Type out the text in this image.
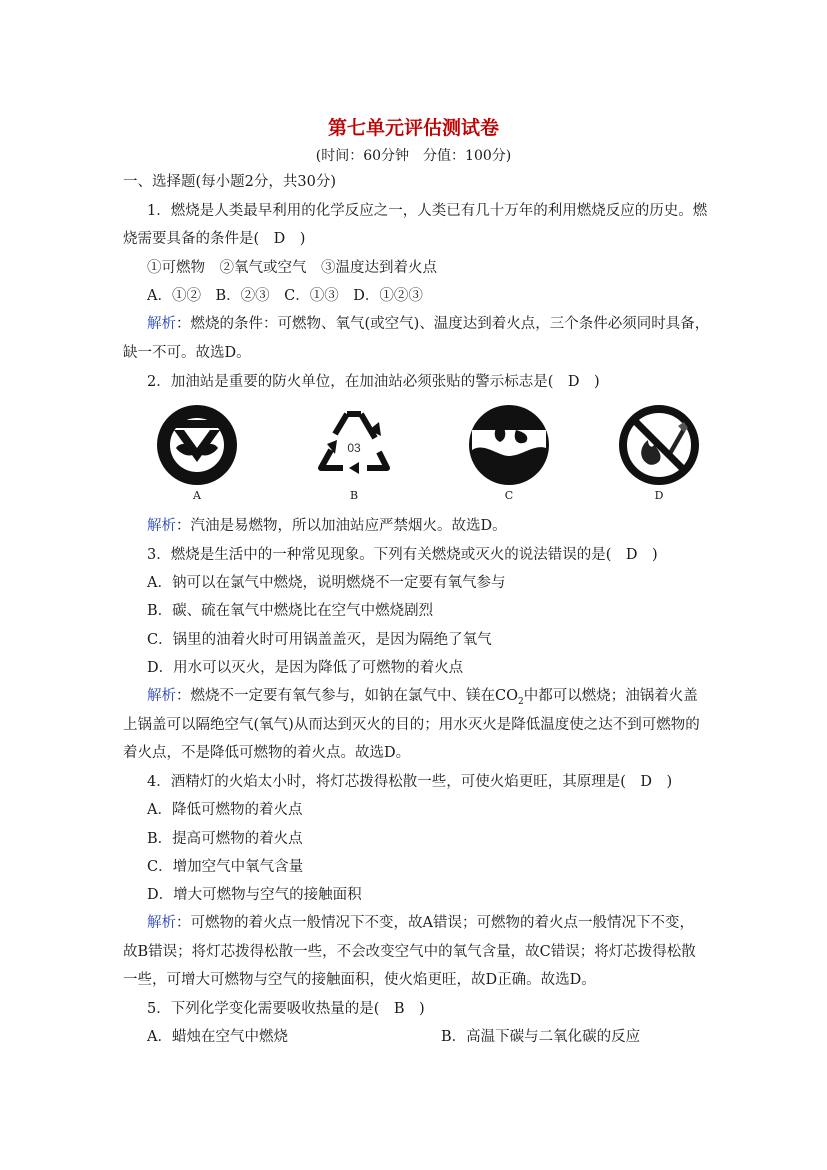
第七单元评估测试卷
(时间：60分钟　分值：100分)
一、选择题(每小题2分，共30分)
1．燃烧是人类最早利用的化学反应之一，人类已有几十万年的利用燃烧反应的历史。燃
烧需要具备的条件是(　D　)
①可燃物　②氧气或空气　③温度达到着火点
A．①②　B．②③　C．①③　D．①②③
解析：燃烧的条件：可燃物、氧气(或空气)、温度达到着火点，三个条件必须同时具备，
缺一不可。故选D。
2．加油站是重要的防火单位，在加油站必须张贴的警示标志是(　D　)
A
03
B	C	D
解析：汽油是易燃物，所以加油站应严禁烟火。故选D。
3．燃烧是生活中的一种常见现象。下列有关燃烧或灭火的说法错误的是(　D　)
A．钠可以在氯气中燃烧，说明燃烧不一定要有氧气参与
B．碳、硫在氧气中燃烧比在空气中燃烧剧烈
C．锅里的油着火时可用锅盖盖灭，是因为隔绝了氧气
D．用水可以灭火，是因为降低了可燃物的着火点
解析：燃烧不一定要有氧气参与，如钠在氯气中、镁在$CO_2$中都可以燃烧；油锅着火盖
上锅盖可以隔绝空气(氧气)从而达到灭火的目的；用水灭火是降低温度使之达不到可燃物的
着火点，不是降低可燃物的着火点。故选D。
4．酒精灯的火焰太小时，将灯芯拨得松散一些，可使火焰更旺，其原理是(　D　)
A．降低可燃物的着火点
B．提高可燃物的着火点
C．增加空气中氧气含量
D．增大可燃物与空气的接触面积
解析：可燃物的着火点一般情况下不变，故A错误；可燃物的着火点一般情况下不变，
故B错误；将灯芯拨得松散一些，不会改变空气中的氧气含量，故C错误；将灯芯拨得松散
一些，可增大可燃物与空气的接触面积，使火焰更旺，故D正确。故选D。
5．下列化学变化需要吸收热量的是(　B　)
A．蜡烛在空气中燃烧	B．高温下碳与二氧化碳的反应
